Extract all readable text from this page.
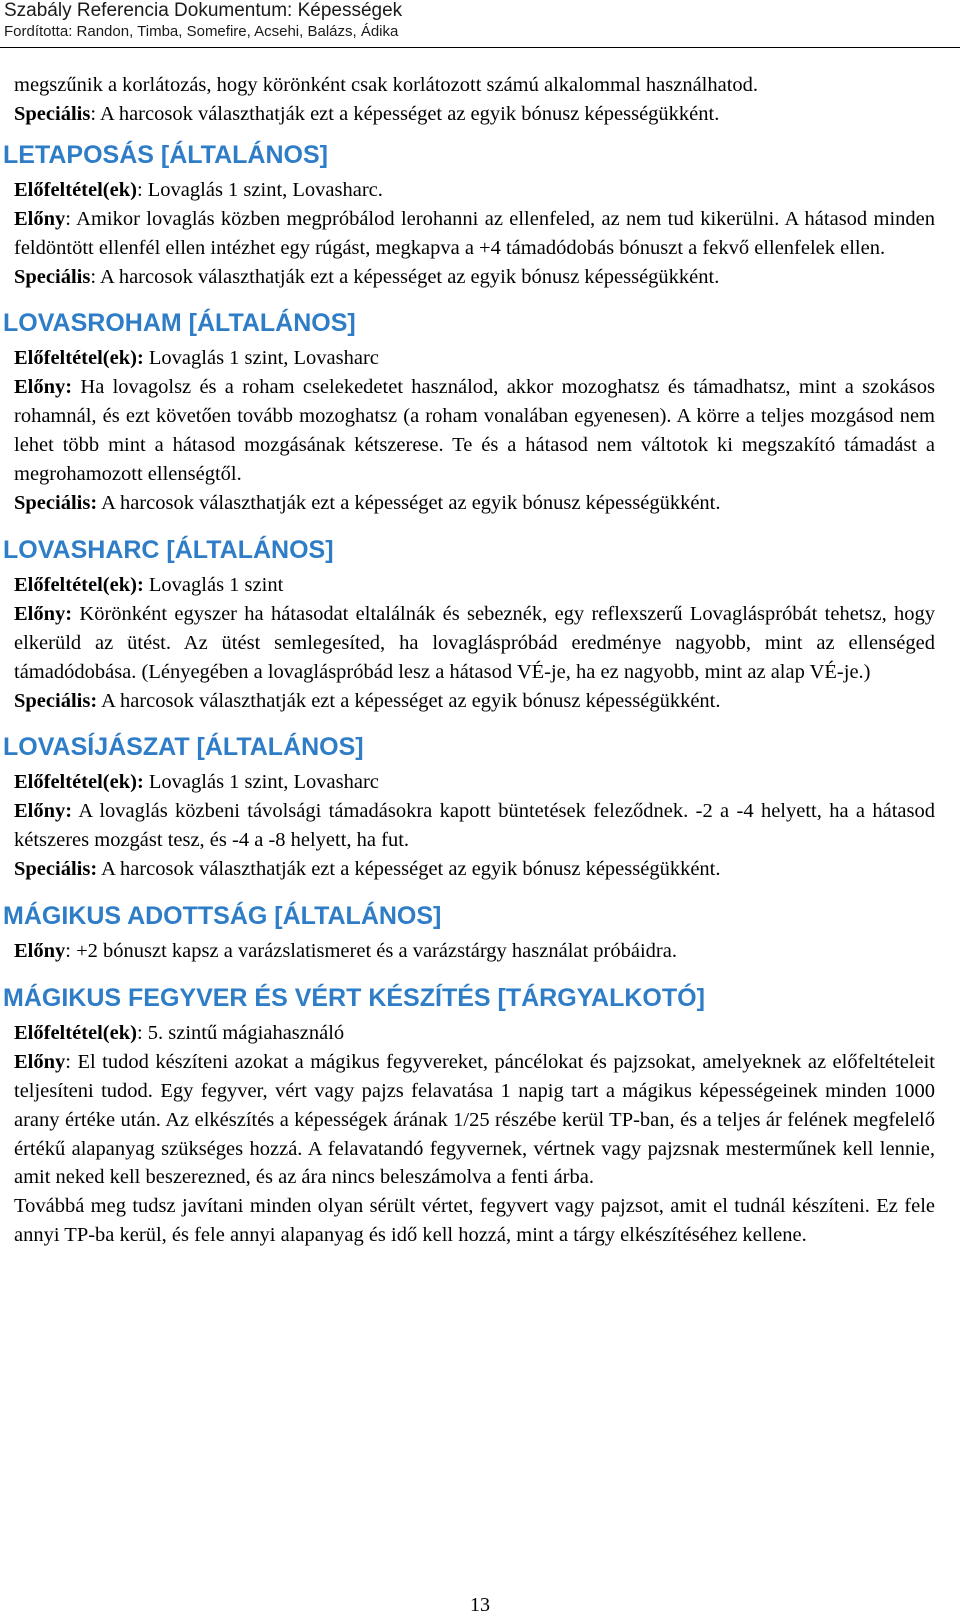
Szabály Referencia Dokumentum: Képességek

Fordította: Randon, Timba, Somefire, Acsehi, Balázs, Ádika

megszűnik a korlátozás, hogy körönként csak korlátozott számú alkalommal használhatod.

Speciális: A harcosok választhatják ezt a képességet az egyik bónusz képességükként.

LETAPOSÁS [ÁLTALÁNOS]

Előfeltétel(ek): Lovaglás 1 szint, Lovasharc.

Előny: Amikor lovaglás közben megpróbálod lerohanni az ellenfeled, az nem tud kikerülni. A hátasod minden feldöntött ellenfél ellen intézhet egy rúgást, megkapva a +4 támadódobás bónuszt a fekvő ellenfelek ellen.

Speciális: A harcosok választhatják ezt a képességet az egyik bónusz képességükként.

LOVASROHAM [ÁLTALÁNOS]

Előfeltétel(ek): Lovaglás 1 szint, Lovasharc

Előny: Ha lovagolsz és a roham cselekedetet használod, akkor mozoghatsz és támadhatsz, mint a szokásos rohamnál, és ezt követően tovább mozoghatsz (a roham vonalában egyenesen). A körre a teljes mozgásod nem lehet több mint a hátasod mozgásának kétszerese. Te és a hátasod nem váltotok ki megszakító támadást a megrohamozott ellenségtől.

Speciális: A harcosok választhatják ezt a képességet az egyik bónusz képességükként.

LOVASHARC [ÁLTALÁNOS]

Előfeltétel(ek): Lovaglás 1 szint

Előny: Körönként egyszer ha hátasodat eltalálnák és sebeznék, egy reflexszerű Lovagláspróbát tehetsz, hogy elkerüld az ütést. Az ütést semlegesíted, ha lovagláspróbád eredménye nagyobb, mint az ellenséged támadódobása. (Lényegében a lovagláspróbád lesz a hátasod VÉ-je, ha ez nagyobb, mint az alap VÉ-je.)

Speciális: A harcosok választhatják ezt a képességet az egyik bónusz képességükként.

LOVASÍJÁSZAT [ÁLTALÁNOS]

Előfeltétel(ek): Lovaglás 1 szint, Lovasharc

Előny: A lovaglás közbeni távolsági támadásokra kapott büntetések feleződnek. -2 a -4 helyett, ha a hátasod kétszeres mozgást tesz, és -4 a -8 helyett, ha fut.

Speciális: A harcosok választhatják ezt a képességet az egyik bónusz képességükként.

MÁGIKUS ADOTTSÁG [ÁLTALÁNOS]

Előny: +2 bónuszt kapsz a varázslatismeret és a varázstárgy használat próbáidra.

MÁGIKUS FEGYVER ÉS VÉRT KÉSZÍTÉS [TÁRGYALKOTÓ]

Előfeltétel(ek): 5. szintű mágiahasználó

Előny: El tudod készíteni azokat a mágikus fegyvereket, páncélokat és pajzsokat, amelyeknek az előfeltételeit teljesíteni tudod. Egy fegyver, vért vagy pajzs felavatása 1 napig tart a mágikus képességeinek minden 1000 arany értéke után. Az elkészítés a képességek árának 1/25 részébe kerül TP-ban, és a teljes ár felének megfelelő értékű alapanyag szükséges hozzá. A felavatandó fegyvernek, vértnek vagy pajzsnak mesterműnek kell lennie, amit neked kell beszerezned, és az ára nincs beleszámolva a fenti árba.

Továbbá meg tudsz javítani minden olyan sérült vértet, fegyvert vagy pajzsot, amit el tudnál készíteni. Ez fele annyi TP-ba kerül, és fele annyi alapanyag és idő kell hozzá, mint a tárgy elkészítéséhez kellene.

13
